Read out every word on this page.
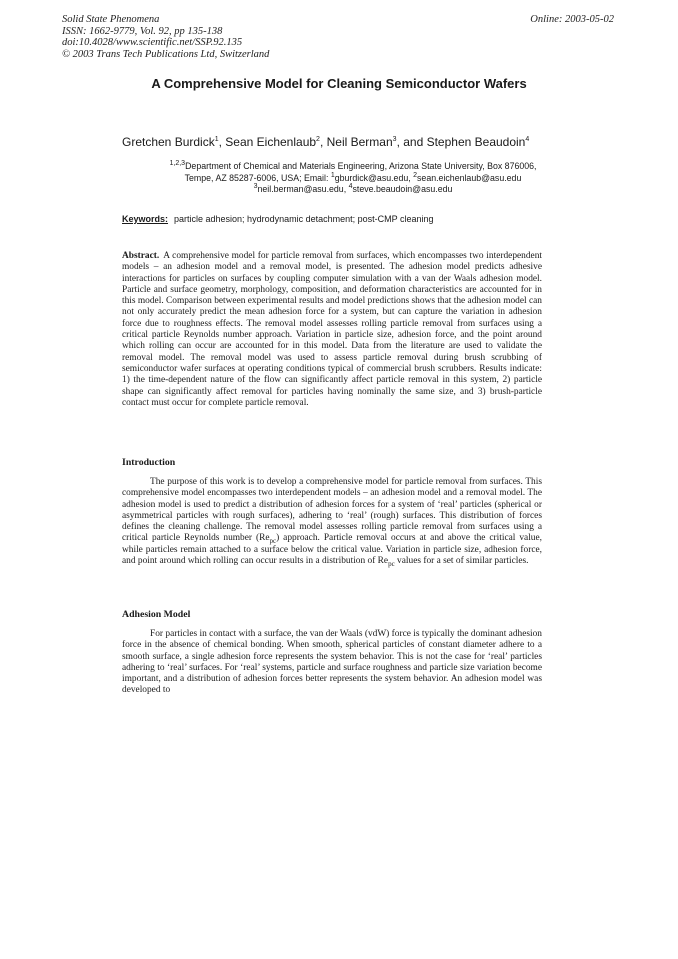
Solid State Phenomena
ISSN: 1662-9779, Vol. 92, pp 135-138
doi:10.4028/www.scientific.net/SSP.92.135
© 2003 Trans Tech Publications Ltd, Switzerland
Online: 2003-05-02
A Comprehensive Model for Cleaning Semiconductor Wafers
Gretchen Burdick$^1$, Sean Eichenlaub$^2$, Neil Berman$^3$, and Stephen Beaudoin$^4$
$^{1,2,3}$Department of Chemical and Materials Engineering, Arizona State University, Box 876006,
Tempe, AZ 85287-6006, USA; Email: $^1$gburdick@asu.edu, $^2$sean.eichenlaub@asu.edu
$^3$neil.berman@asu.edu, $^4$steve.beaudoin@asu.edu
Keywords: particle adhesion; hydrodynamic detachment; post-CMP cleaning
Abstract. A comprehensive model for particle removal from surfaces, which encompasses two interdependent models – an adhesion model and a removal model, is presented. The adhesion model predicts adhesive interactions for particles on surfaces by coupling computer simulation with a van der Waals adhesion model. Particle and surface geometry, morphology, composition, and deformation characteristics are accounted for in this model. Comparison between experimental results and model predictions shows that the adhesion model can not only accurately predict the mean adhesion force for a system, but can capture the variation in adhesion force due to roughness effects. The removal model assesses rolling particle removal from surfaces using a critical particle Reynolds number approach. Variation in particle size, adhesion force, and the point around which rolling can occur are accounted for in this model. Data from the literature are used to validate the removal model. The removal model was used to assess particle removal during brush scrubbing of semiconductor wafer surfaces at operating conditions typical of commercial brush scrubbers. Results indicate: 1) the time-dependent nature of the flow can significantly affect particle removal in this system, 2) particle shape can significantly affect removal for particles having nominally the same size, and 3) brush-particle contact must occur for complete particle removal.
Introduction
The purpose of this work is to develop a comprehensive model for particle removal from surfaces. This comprehensive model encompasses two interdependent models – an adhesion model and a removal model. The adhesion model is used to predict a distribution of adhesion forces for a system of ‘real’ particles (spherical or asymmetrical particles with rough surfaces), adhering to ‘real’ (rough) surfaces. This distribution of forces defines the cleaning challenge. The removal model assesses rolling particle removal from surfaces using a critical particle Reynolds number $(Re_{pc})$ approach. Particle removal occurs at and above the critical value, while particles remain attached to a surface below the critical value. Variation in particle size, adhesion force, and point around which rolling can occur results in a distribution of $Re_{pc}$ values for a set of similar particles.
Adhesion Model
For particles in contact with a surface, the van der Waals (vdW) force is typically the dominant adhesion force in the absence of chemical bonding. When smooth, spherical particles of constant diameter adhere to a smooth surface, a single adhesion force represents the system behavior. This is not the case for ‘real’ particles adhering to ‘real’ surfaces. For ‘real’ systems, particle and surface roughness and particle size variation become important, and a distribution of adhesion forces better represents the system behavior. An adhesion model was developed to
